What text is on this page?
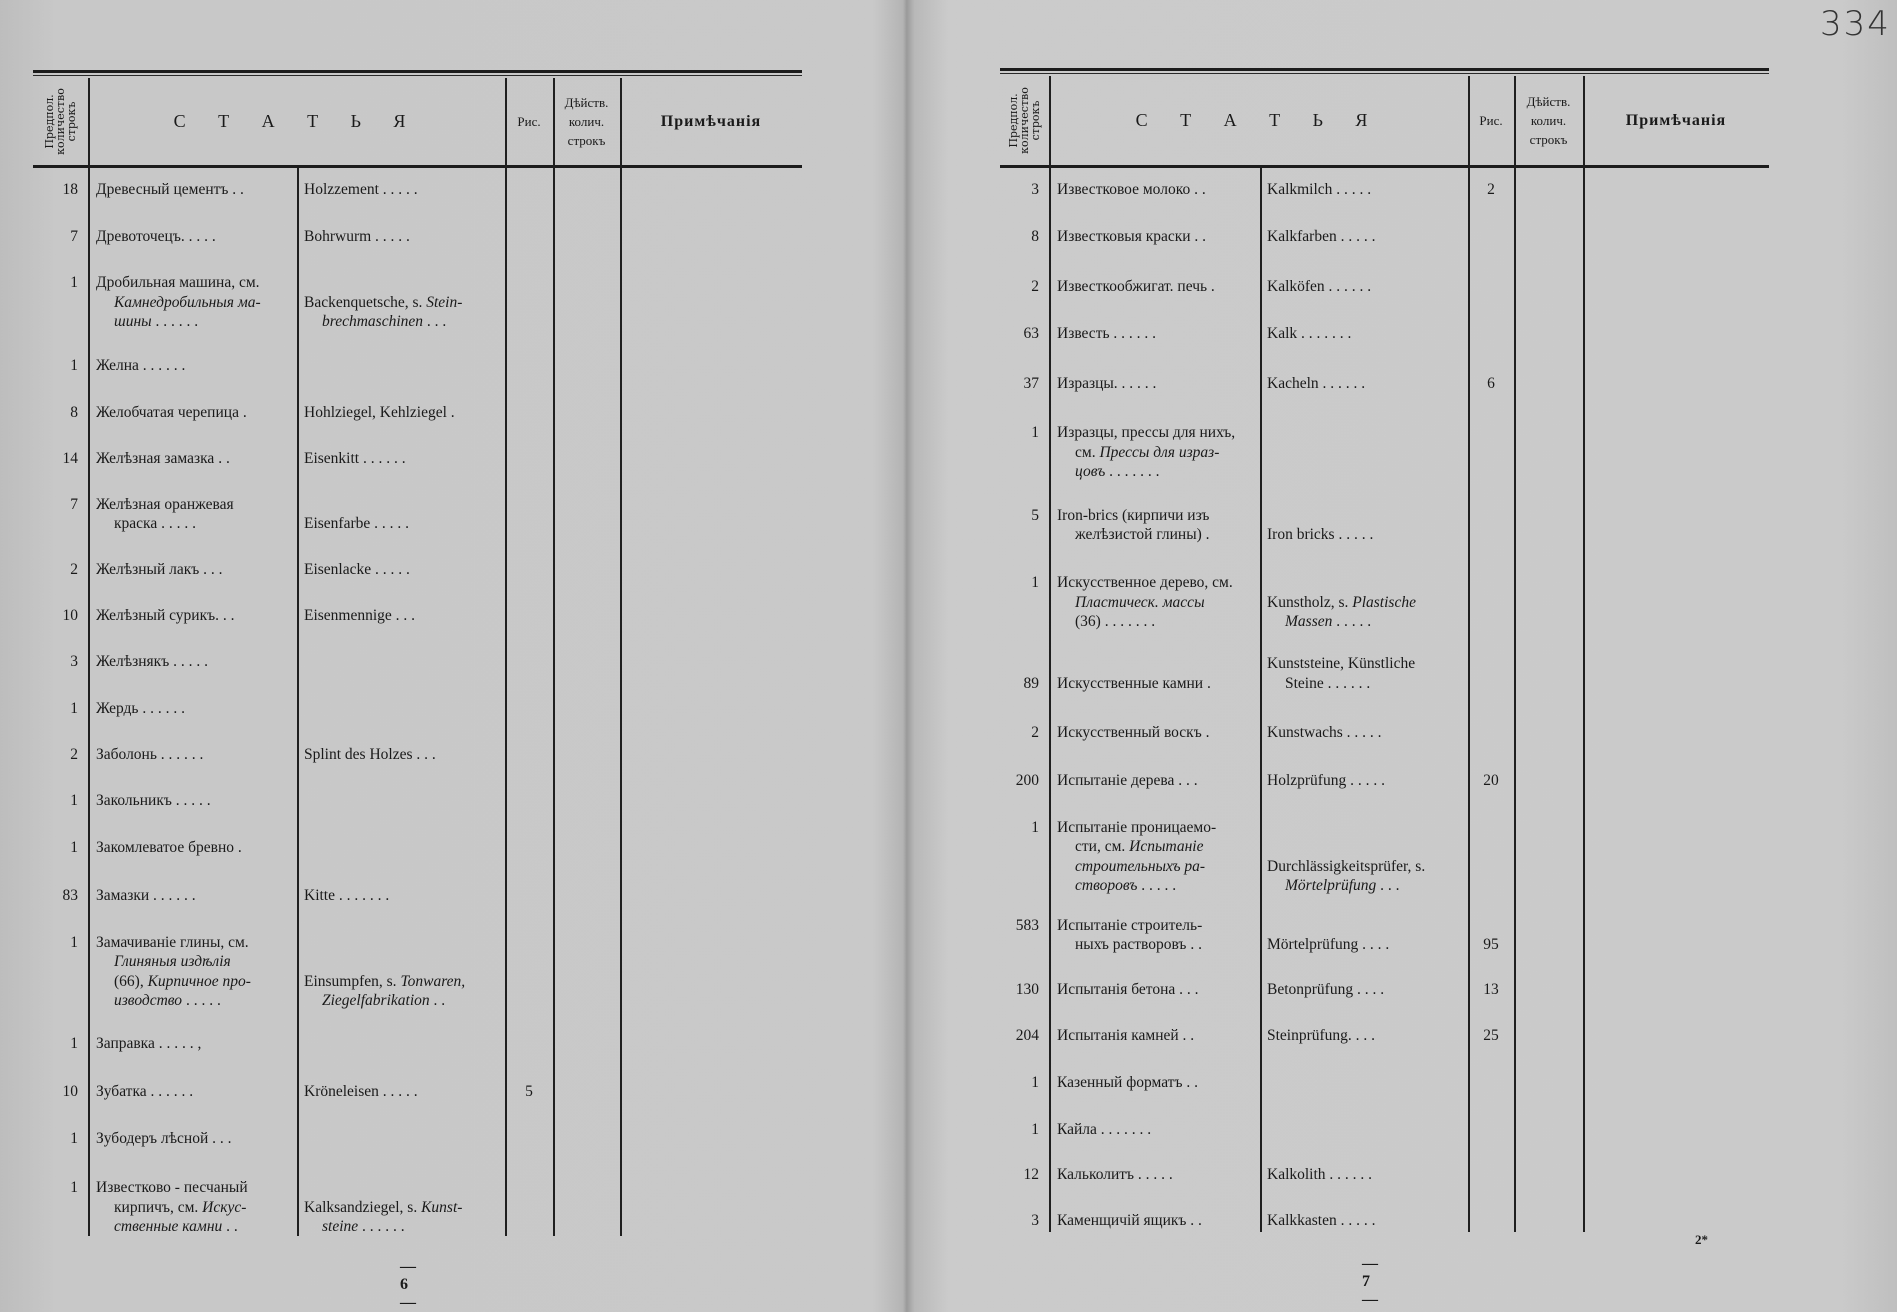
334
Предпол.
количество
строкъ	С Т А Т Ь Я	Рис.
Дѣйств.
колич.
строкъ
Примѣчанія
18 Древесный цементъ . .	Holzzement . . . . .
7 Древоточецъ. . . . .	Bohrwurm . . . . .
1 Дробильная машина, см.
Камнедробильныя ма-
шины . . . . . .
Backenquetsche, s. Stein-
brechmaschinen . . .
1 Желна . . . . . .
8 Желобчатая черепица .	Hohlziegel, Kehlziegel .
14 Желѣзная замазка . .	Eisenkitt . . . . . .
7 Желѣзная оранжевая
краска . . . . .	Eisenfarbe . . . . .
2 Желѣзный лакъ . . .	Eisenlacke . . . . .
10 Желѣзный сурикъ. . .	Eisenmennige . . .
3 Желѣзнякъ . . . . .
1 Жердь . . . . . .
2 Заболонь . . . . . .	Splint des Holzes . . .
1 Закольникъ . . . . .
1 Закомлеватое бревно .
83 Замазки . . . . . .	Kitte . . . . . . .
1 Замачиваніе глины, см.
Глиняныя издѣлія
(66), Кирпичное про-
изводство . . . . .
Einsumpfen, s. Tonwaren,
Ziegelfabrikation . .
1 Заправка . . . . . ,
10 Зубатка . . . . . .	Kröneleisen . . . . .	5
1 Зубодеръ лѣсной . . .
1 Известково - песчаный
кирпичъ, см. Искус-
ственные камни . .
Kalksandziegel, s. Kunst-
steine . . . . . .
— 6 —
Предпол.
количество
строкъ	С Т А Т Ь Я	Рис.
Дѣйств.
колич.
строкъ
Примѣчанія
3 Известковое молоко . .	Kalkmilch . . . . .	2
8 Известковыя краски . .	Kalkfarben . . . . .
2 Известкообжигат. печь .	Kalköfen . . . . . .
63 Известь . . . . . .	Kalk . . . . . . .
37 Изразцы. . . . . .	Kacheln . . . . . .	6
1 Изразцы, прессы для нихъ,
см. Прессы для израз-
цовъ . . . . . . .
5 Iron-brics (кирпичи изъ
желѣзистой глины) .	Iron bricks . . . . .
1 Искусственное дерево, см.
Пластическ. массы
(36) . . . . . . .
Kunstholz, s. Plastische
Massen . . . . .
89 Искусственные камни .
Kunststeine, Künstliche
Steine . . . . . .
2 Искусственный воскъ .	Kunstwachs . . . . .
200 Испытаніе дерева . . .	Holzprüfung . . . . .	20
1 Испытаніе проницаемо-
сти, см. Испытаніе
строительныхъ ра-
створовъ . . . . .
Durchlässigkeitsprüfer, s.
Mörtelprüfung . . .
583 Испытаніе строитель-
ныхъ растворовъ . .	Mörtelprüfung . . . .	95
130 Испытанія бетона . . .	Betonprüfung . . . .	13
204 Испытанія камней . .	Steinprüfung. . . .	25
1 Казенный форматъ . .
1 Кайла . . . . . . .
12 Кальколитъ . . . . .	Kalkolith . . . . . .
3 Каменщичій ящикъ . .	Kalkkasten . . . . .
— 7 —
2*
